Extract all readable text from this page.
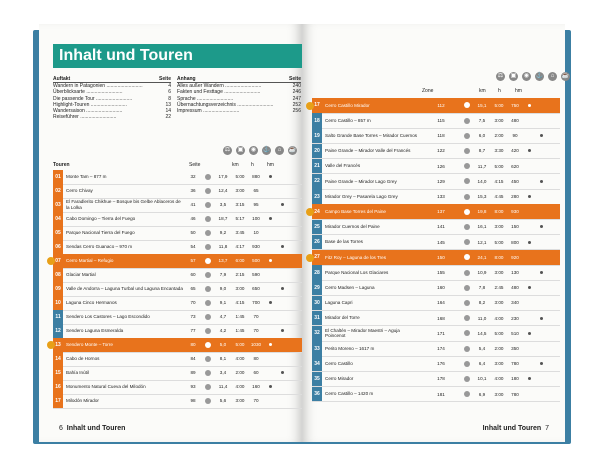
Inhalt und Touren
Auftakt	Seite
Wandern in Patagonien ..........................	4
Überblicksarte ..........................	6
Die passende Tour ..........................	8
Highlight-Touren ..........................	13
Wandersaison ..........................	14
Reiseführer ..........................	22
Anhang	Seite
Alles außer Wandern ..........................	240
Fakten und Festtage ..........................	246
Sprache ..........................	247
Übernachtungsverzeichnis ..........................	252
Impressum ..........................	256
⚖	▣	◉	⚓	⌂	☕
Touren	Seite	km h	hm
01	Monte Tam – 877 m	32	17,9	5:00	880
02	Cerro Chivay	36	12,4	3:00	65
03	El Faradlerito Chikhue – Bosque bis Gelbe Ablaceros de la Lolka	41	3,5	3:15	95
04	Cabo Domingo – Tierra del Fuego	46	18,7	5:17	100
05	Parque Nacional Tierra del Fuego	50	9,2	3:45	10
06	Sendas Cerro Guanaco – 970 m	54	11,8	4:17	930
07	Cerro Martial – Refugio	57	13,7	6:00	500
08	Glaciar Martial	60	7,9	2:15	590
09	Valle de Andorra – Laguna Turbal und Laguna Encantada	65	9,0	3:00	650
10	Laguna Cinco Hermanos	70	9,1	4:15	700
11	Sendero Los Castores – Lago Escondido	73	4,7	1:45	70
12	Sendero Laguna Esmeralda	77	4,2	1:45	70
13	Sendero Monte – Torre	80	5,0	5:00	1030
14	Cabo de Hornos	84	8,1	4:00	80
15	Bahía Inútil	89	3,4	2:00	60
16	Monumento Natural Cueva del Milodón	93	11,4	4:00	160
17	Milodón Mirador	98	5,6	3:00	70
6 Inhalt und Touren
⚖	▣	◉	⚓	⌂	☕
Zone	km h	hm
17	Cerro Castillo Mirador	112	15,1	5:00	750
18	Cerro Castillo – 857 m	115	7,5	3:00	480
19	Salto Grande Base Torres – Mirador Cuernos	118	6,0	2:00	90
20	Paine Grande – Mirador Valle del Francés	122	8,7	3:30	420
21	Valle del Francés	126	11,7	5:00	620
22	Paine Grande – Mirador Lago Grey	129	14,0	4:15	450
23	Mirador Grey – Pasarela Lago Grey	133	15,3	4:45	280
24	Campo Base Torres del Paine	137	19,8	8:00	930
25	Mirador Cuernos del Paine	141	16,1	3:00	150
26	Base de las Torres	145	12,1	5:00	800
27	Fitz Roy – Laguna de los Tres	150	24,1	8:00	920
28	Parque Nacional Los Glaciares	155	10,9	3:00	130
29	Cerro Madsen – Laguna	160	7,8	2:45	480
30	Laguna Capri	164	8,2	3:00	340
31	Mirador del Torre	168	11,0	4:00	230
32	El Chaltén – Mirador Maestri – Aguja Poincenot	171	14,5	5:00	510
33	Perito Moreno – 1617 m	174	5,4	2:00	350
34	Cerro Castillo	176	6,4	3:00	780
35	Cerro Mirador	178	10,1	4:00	180
36	Cerro Castillo – 1420 m	181	6,9	3:00	780
Inhalt und Touren 7
